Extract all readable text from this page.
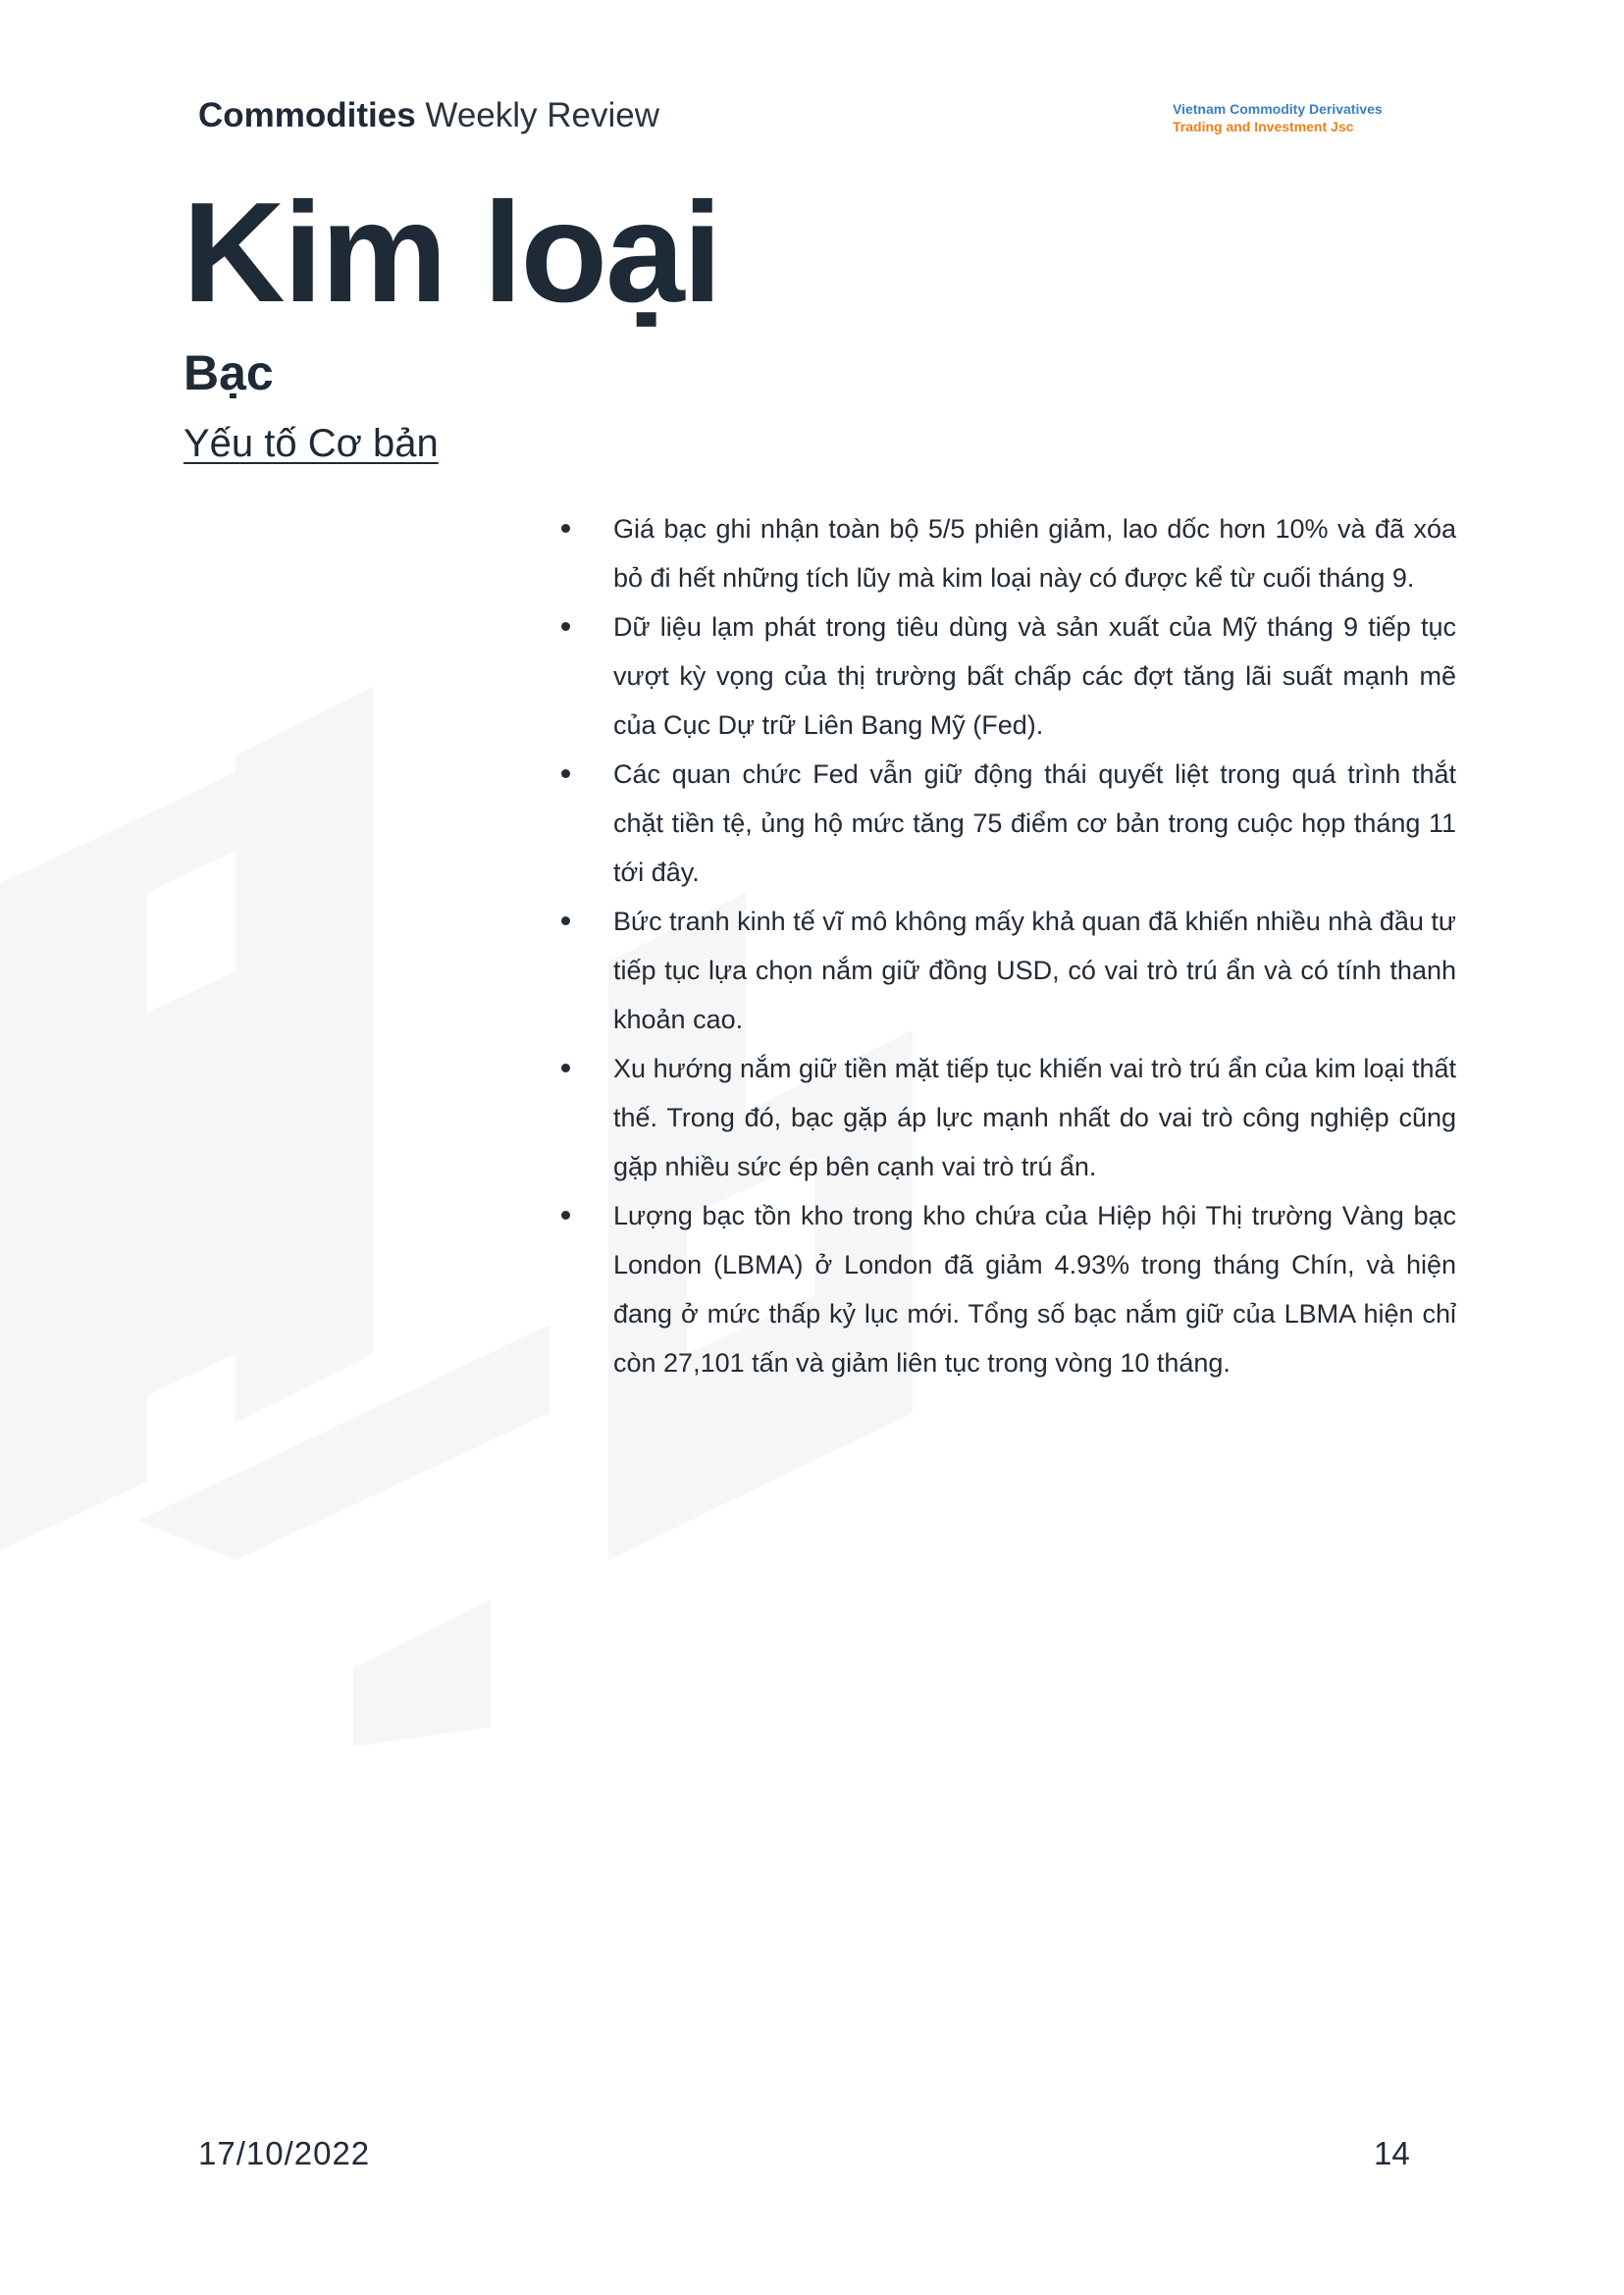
Commodities Weekly Review	Vietnam Commodity Derivatives
Trading and Investment Jsc
Kim loại
Bạc
Yếu tố Cơ bản
Giá bạc ghi nhận toàn bộ 5/5 phiên giảm, lao dốc hơn 10% và đã xóa bỏ đi hết những tích lũy mà kim loại này có được kể từ cuối tháng 9.
Dữ liệu lạm phát trong tiêu dùng và sản xuất của Mỹ tháng 9 tiếp tục vượt kỳ vọng của thị trường bất chấp các đợt tăng lãi suất mạnh mẽ của Cục Dự trữ Liên Bang Mỹ (Fed).
Các quan chức Fed vẫn giữ động thái quyết liệt trong quá trình thắt chặt tiền tệ, ủng hộ mức tăng 75 điểm cơ bản trong cuộc họp tháng 11 tới đây.
Bức tranh kinh tế vĩ mô không mấy khả quan đã khiến nhiều nhà đầu tư tiếp tục lựa chọn nắm giữ đồng USD, có vai trò trú ẩn và có tính thanh khoản cao.
Xu hướng nắm giữ tiền mặt tiếp tục khiến vai trò trú ẩn của kim loại thất thế. Trong đó, bạc gặp áp lực mạnh nhất do vai trò công nghiệp cũng gặp nhiều sức ép bên cạnh vai trò trú ẩn.
Lượng bạc tồn kho trong kho chứa của Hiệp hội Thị trường Vàng bạc London (LBMA) ở London đã giảm 4.93% trong tháng Chín, và hiện đang ở mức thấp kỷ lục mới. Tổng số bạc nắm giữ của LBMA hiện chỉ còn 27,101 tấn và giảm liên tục trong vòng 10 tháng.
17/10/2022	14
